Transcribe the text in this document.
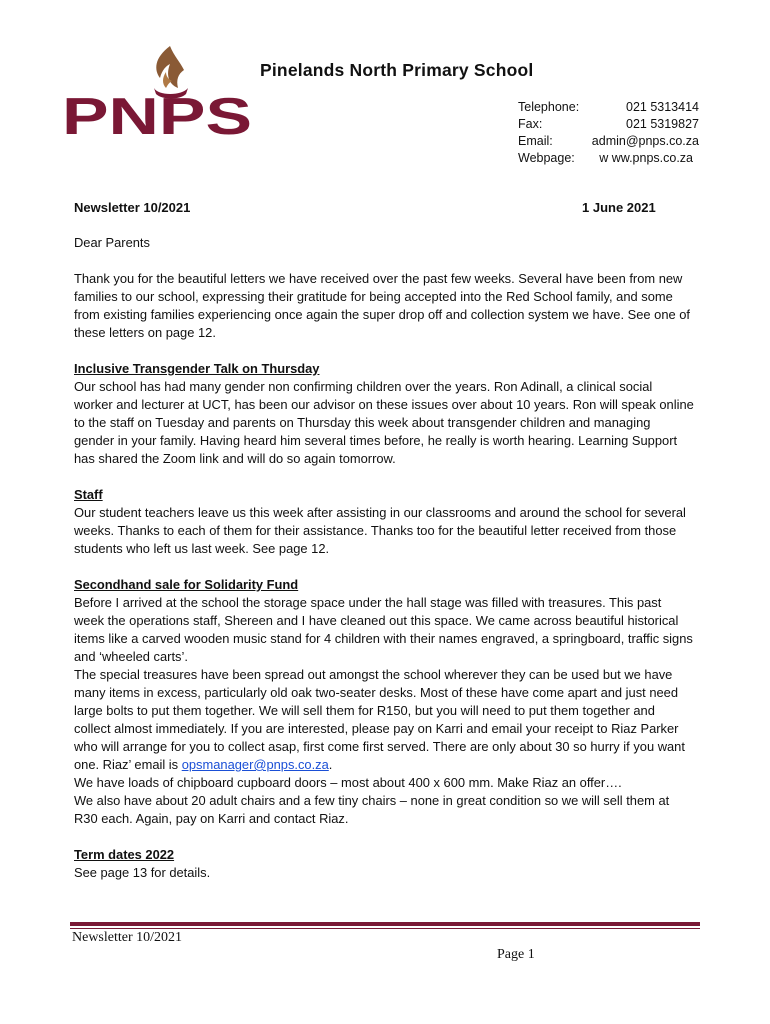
PNPS
Pinelands North Primary School
Telephone:	021 5313414
Fax:	021 5319827
Email:	admin@pnps.co.za
Webpage: w ww.pnps.co.za
Newsletter 10/2021	1 June 2021

Dear Parents

Thank you for the beautiful letters we have received over the past few weeks. Several have been from new families to our school, expressing their gratitude for being accepted into the Red School family, and some from existing families experiencing once again the super drop off and collection system we have. See one of these letters on page 12.

Inclusive Transgender Talk on Thursday

Our school has had many gender non confirming children over the years. Ron Adinall, a clinical social worker and lecturer at UCT, has been our advisor on these issues over about 10 years. Ron will speak online to the staff on Tuesday and parents on Thursday this week about transgender children and managing gender in your family. Having heard him several times before, he really is worth hearing. Learning Support has shared the Zoom link and will do so again tomorrow.

Staff

Our student teachers leave us this week after assisting in our classrooms and around the school for several weeks. Thanks to each of them for their assistance. Thanks too for the beautiful letter received from those students who left us last week. See page 12.

Secondhand sale for Solidarity Fund

Before I arrived at the school the storage space under the hall stage was filled with treasures. This past week the operations staff, Shereen and I have cleaned out this space. We came across beautiful historical items like a carved wooden music stand for 4 children with their names engraved, a springboard, traffic signs and ‘wheeled carts’.

The special treasures have been spread out amongst the school wherever they can be used but we have many items in excess, particularly old oak two-seater desks. Most of these have come apart and just need large bolts to put them together. We will sell them for R150, but you will need to put them together and collect almost immediately. If you are interested, please pay on Karri and email your receipt to Riaz Parker who will arrange for you to collect asap, first come first served. There are only about 30 so hurry if you want one. Riaz’ email is opsmanager@pnps.co.za.

We have loads of chipboard cupboard doors – most about 400 x 600 mm. Make Riaz an offer….

We also have about 20 adult chairs and a few tiny chairs – none in great condition so we will sell them at R30 each. Again, pay on Karri and contact Riaz.

Term dates 2022

See page 13 for details.

Newsletter 10/2021
Page 1
